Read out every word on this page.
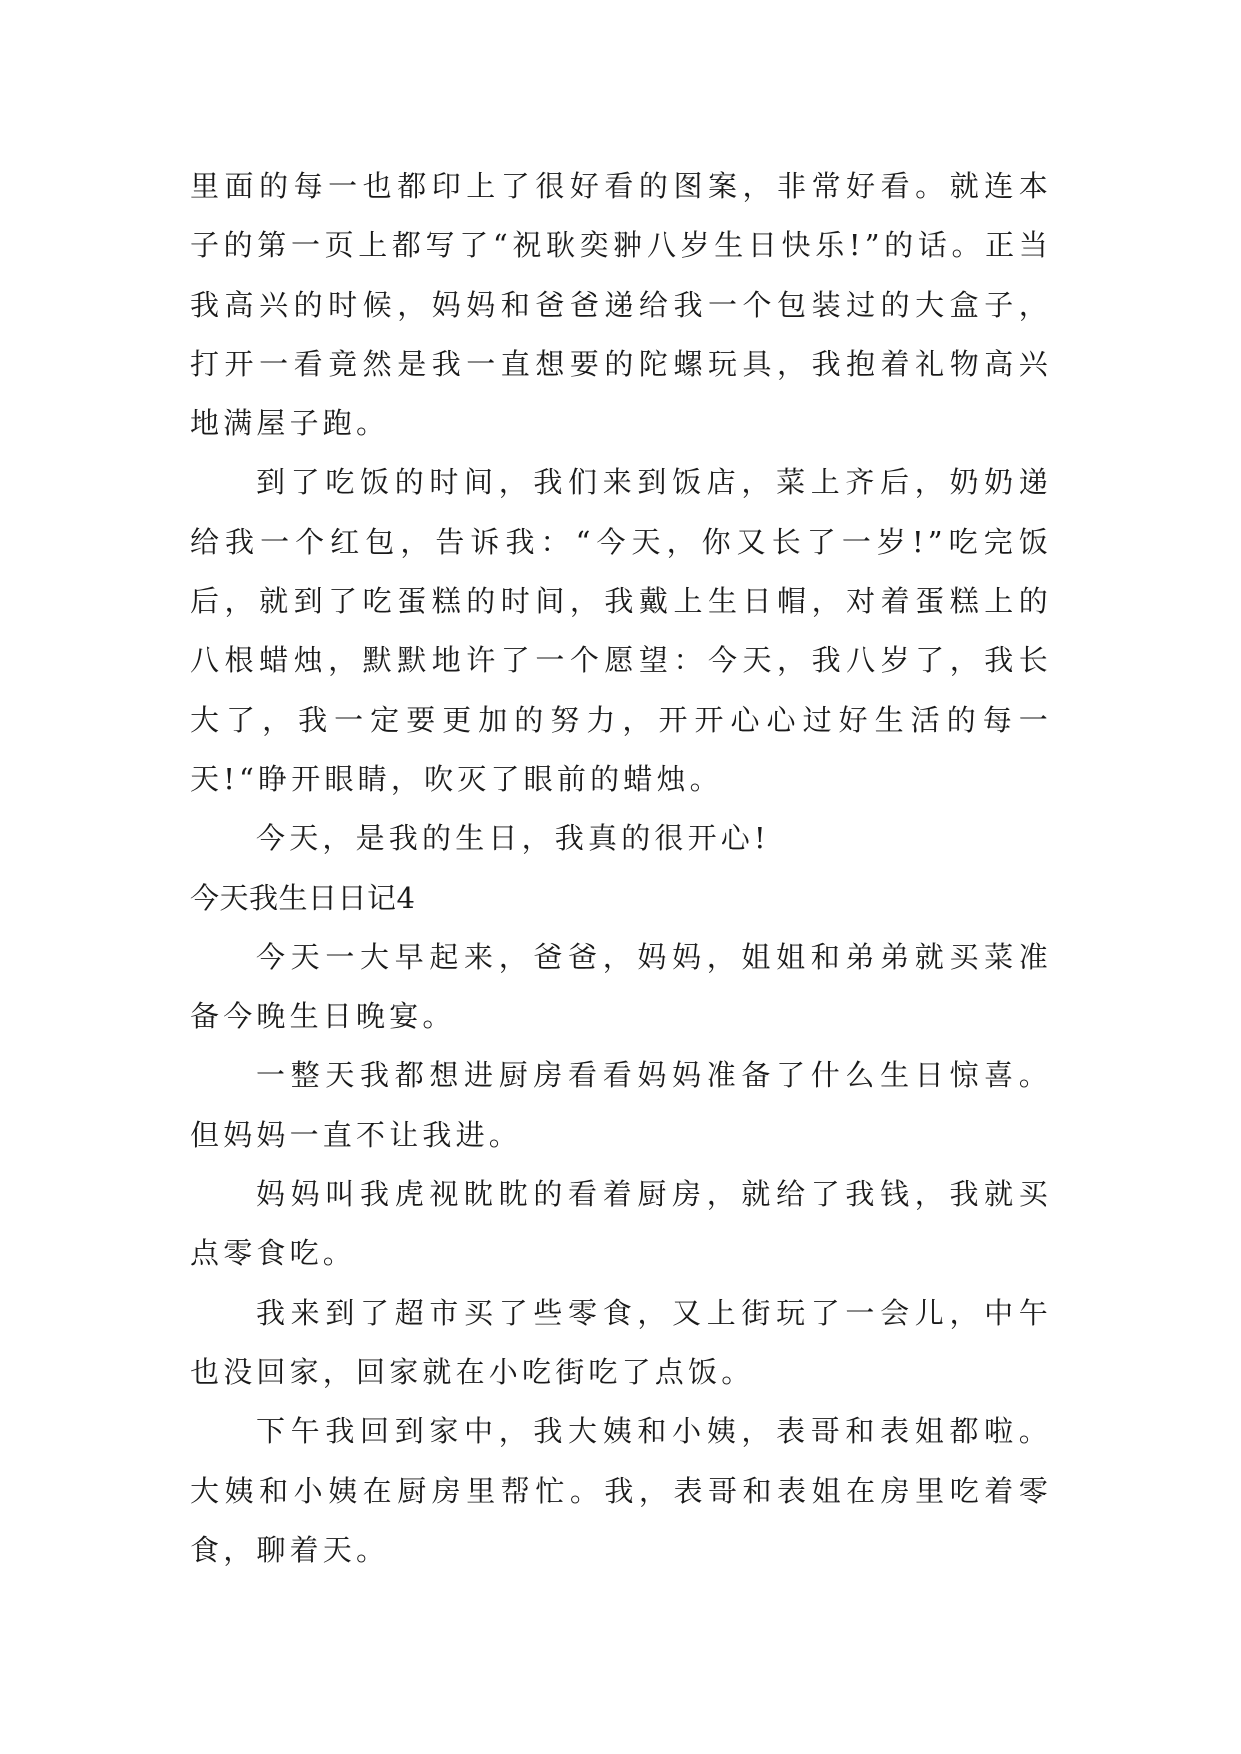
里面的每一也都印上了很好看的图案，非常好看。就连本子的第一页上都写了“祝耿奕翀八岁生日快乐!”的话。正当我高兴的时候，妈妈和爸爸递给我一个包装过的大盒子，打开一看竟然是我一直想要的陀螺玩具，我抱着礼物高兴地满屋子跑。

到了吃饭的时间，我们来到饭店，菜上齐后，奶奶递给我一个红包，告诉我：“今天，你又长了一岁!”吃完饭后，就到了吃蛋糕的时间，我戴上生日帽，对着蛋糕上的八根蜡烛，默默地许了一个愿望：今天，我八岁了，我长大了，我一定要更加的努力，开开心心过好生活的每一天!“睁开眼睛，吹灭了眼前的蜡烛。

今天，是我的生日，我真的很开心!

今天我生日日记4

今天一大早起来，爸爸，妈妈，姐姐和弟弟就买菜准备今晚生日晚宴。

一整天我都想进厨房看看妈妈准备了什么生日惊喜。但妈妈一直不让我进。

妈妈叫我虎视眈眈的看着厨房，就给了我钱，我就买点零食吃。

我来到了超市买了些零食，又上街玩了一会儿，中午也没回家，回家就在小吃街吃了点饭。

下午我回到家中，我大姨和小姨，表哥和表姐都啦。大姨和小姨在厨房里帮忙。我，表哥和表姐在房里吃着零食，聊着天。
